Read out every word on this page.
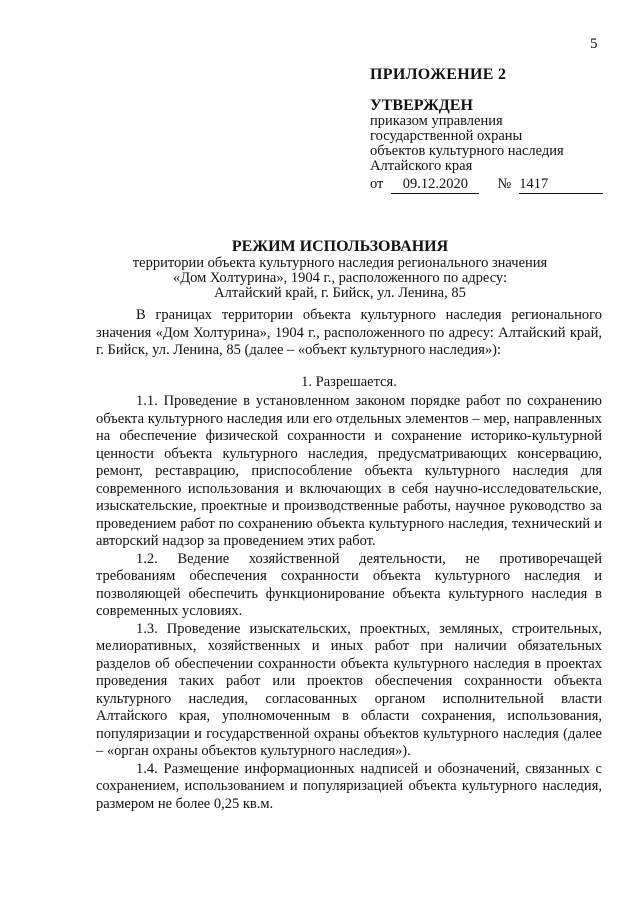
5
ПРИЛОЖЕНИЕ 2
УТВЕРЖДЕН
приказом управления
государственной охраны
объектов культурного наследия
Алтайского края
от	09.12.2020	№ 1417
РЕЖИМ ИСПОЛЬЗОВАНИЯ
территории объекта культурного наследия регионального значения
«Дом Холтурина», 1904 г., расположенного по адресу:
Алтайский край, г. Бийск, ул. Ленина, 85

В границах территории объекта культурного наследия регионального значения «Дом Холтурина», 1904 г., расположенного по адресу: Алтайский край, г. Бийск, ул. Ленина, 85 (далее – «объект культурного наследия»):

1. Разрешается.

1.1. Проведение в установленном законом порядке работ по сохранению объекта культурного наследия или его отдельных элементов – мер, направленных на обеспечение физической сохранности и сохранение историко-культурной ценности объекта культурного наследия, предусматривающих консервацию, ремонт, реставрацию, приспособление объекта культурного наследия для современного использования и включающих в себя научно-исследовательские, изыскательские, проектные и производственные работы, научное руководство за проведением работ по сохранению объекта культурного наследия, технический и авторский надзор за проведением этих работ.

1.2. Ведение хозяйственной деятельности, не противоречащей требованиям обеспечения сохранности объекта культурного наследия и позволяющей обеспечить функционирование объекта культурного наследия в современных условиях.

1.3. Проведение изыскательских, проектных, земляных, строительных, мелиоративных, хозяйственных и иных работ при наличии обязательных разделов об обеспечении сохранности объекта культурного наследия в проектах проведения таких работ или проектов обеспечения сохранности объекта культурного наследия, согласованных органом исполнительной власти Алтайского края, уполномоченным в области сохранения, использования, популяризации и государственной охраны объектов культурного наследия (далее – «орган охраны объектов культурного наследия»).

1.4. Размещение информационных надписей и обозначений, связанных с сохранением, использованием и популяризацией объекта культурного наследия, размером не более 0,25 кв.м.
